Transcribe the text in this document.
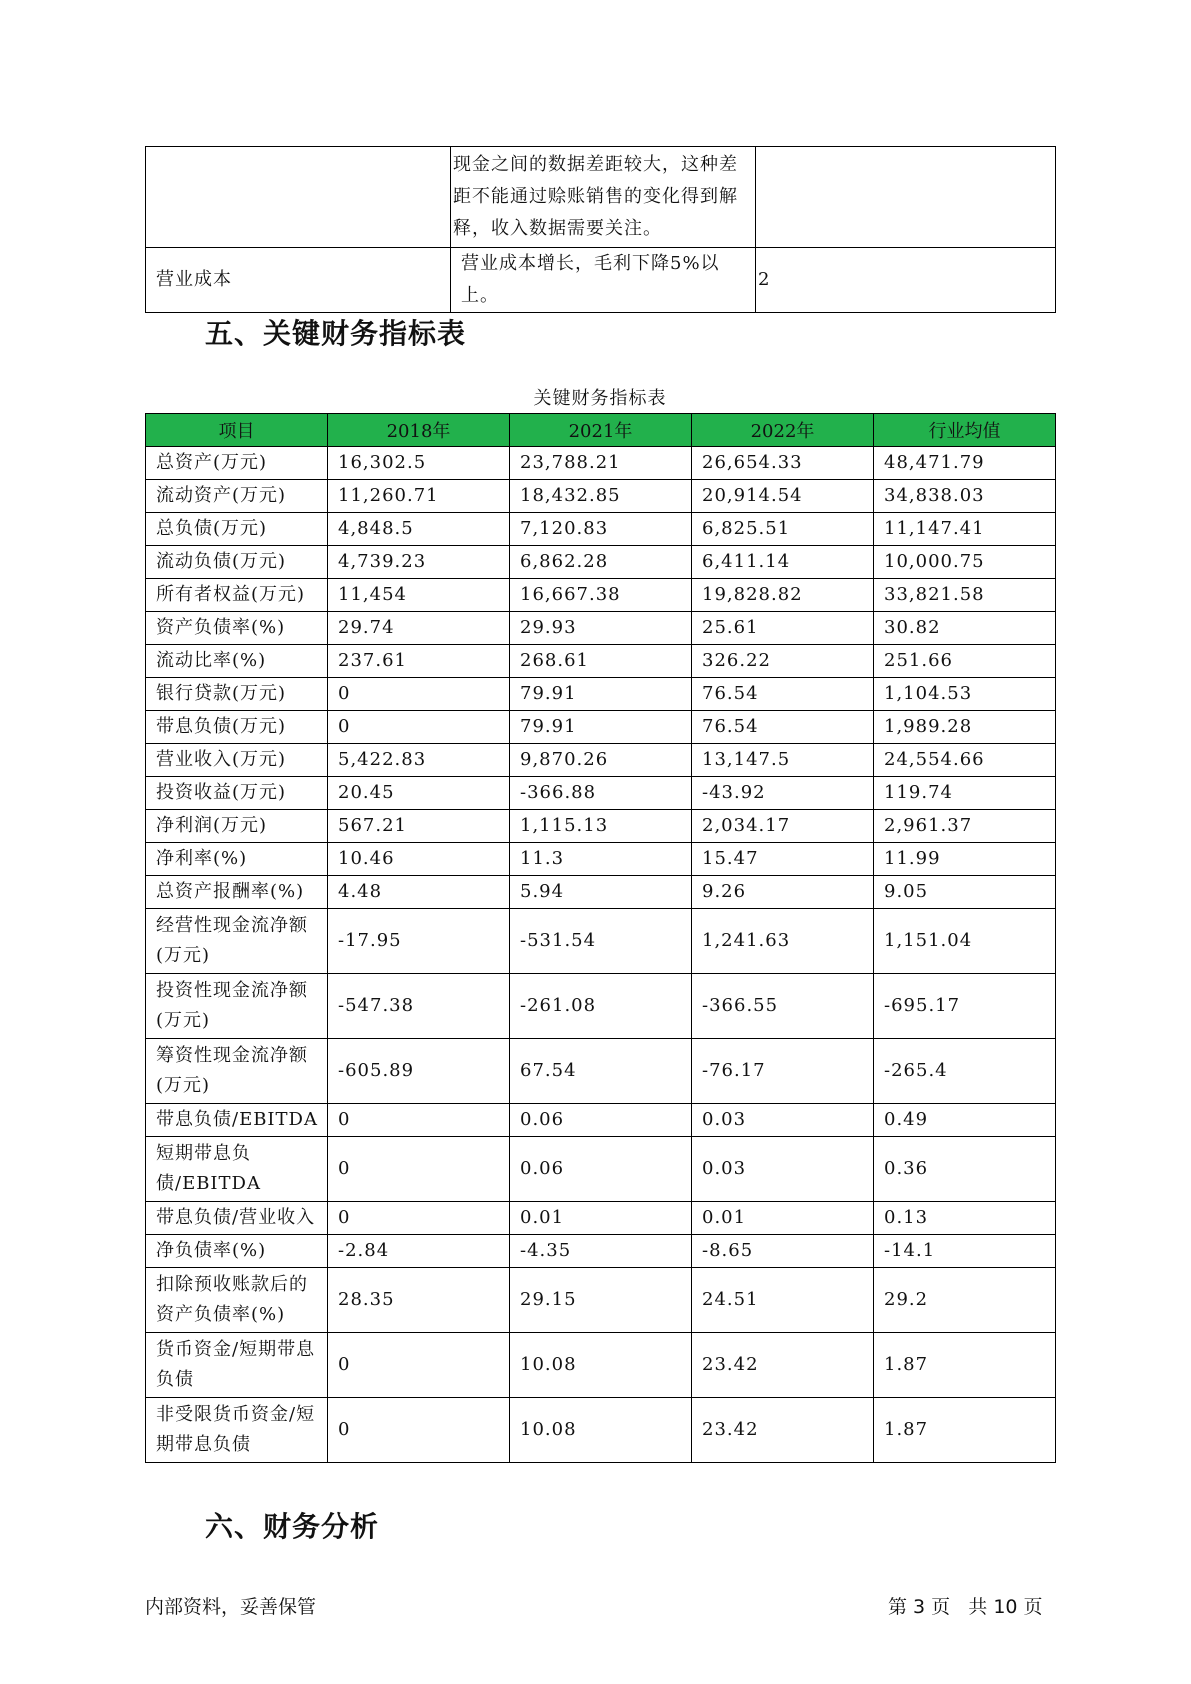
	现金之间的数据差距较大，这种差距不能通过赊账销售的变化得到解释，收入数据需要关注。	
营业成本	营业成本增长，毛利下降5%以上。	2
五、关键财务指标表
关键财务指标表
项目	2018年	2021年	2022年	行业均值
总资产(万元)	16,302.5	23,788.21	26,654.33	48,471.79
流动资产(万元)	11,260.71	18,432.85	20,914.54	34,838.03
总负债(万元)	4,848.5	7,120.83	6,825.51	11,147.41
流动负债(万元)	4,739.23	6,862.28	6,411.14	10,000.75
所有者权益(万元)	11,454	16,667.38	19,828.82	33,821.58
资产负债率(%)	29.74	29.93	25.61	30.82
流动比率(%)	237.61	268.61	326.22	251.66
银行贷款(万元)	0	79.91	76.54	1,104.53
带息负债(万元)	0	79.91	76.54	1,989.28
营业收入(万元)	5,422.83	9,870.26	13,147.5	24,554.66
投资收益(万元)	20.45	-366.88	-43.92	119.74
净利润(万元)	567.21	1,115.13	2,034.17	2,961.37
净利率(%)	10.46	11.3	15.47	11.99
总资产报酬率(%)	4.48	5.94	9.26	9.05
经营性现金流净额(万元)	-17.95	-531.54	1,241.63	1,151.04
投资性现金流净额(万元)	-547.38	-261.08	-366.55	-695.17
筹资性现金流净额(万元)	-605.89	67.54	-76.17	-265.4
带息负债/EBITDA	0	0.06	0.03	0.49
短期带息负债/EBITDA	0	0.06	0.03	0.36
带息负债/营业收入	0	0.01	0.01	0.13
净负债率(%)	-2.84	-4.35	-8.65	-14.1
扣除预收账款后的资产负债率(%)	28.35	29.15	24.51	29.2
货币资金/短期带息负债	0	10.08	23.42	1.87
非受限货币资金/短期带息负债	0	10.08	23.42	1.87
六、财务分析
内部资料，妥善保管	第 3 页   共 10 页
